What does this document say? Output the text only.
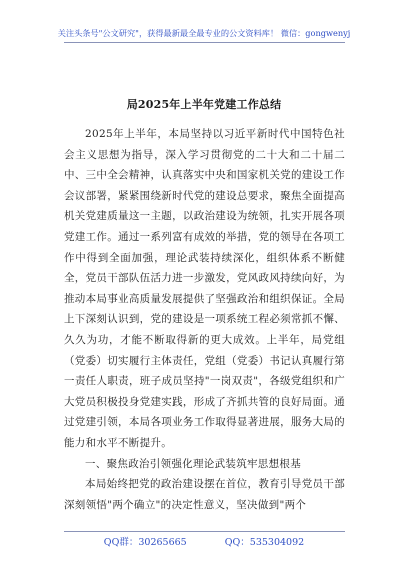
关注头条号"公文研究"，获得最新最全最专业的公文资料库！ 微信：gongwenyj
局2025年上半年党建工作总结

2025年上半年，本局坚持以习近平新时代中国特色社会主义思想为指导，深入学习贯彻党的二十大和二十届二中、三中全会精神，认真落实中央和国家机关党的建设工作会议部署，紧紧围绕新时代党的建设总要求，聚焦全面提高机关党建质量这一主题，以政治建设为统领，扎实开展各项党建工作。通过一系列富有成效的举措，党的领导在各项工作中得到全面加强，理论武装持续深化，组织体系不断健全，党员干部队伍活力进一步激发，党风政风持续向好，为推动本局事业高质量发展提供了坚强政治和组织保证。全局上下深刻认识到，党的建设是一项系统工程必须常抓不懈、久久为功，才能不断取得新的更大成效。上半年，局党组（党委）切实履行主体责任，党组（党委）书记认真履行第一责任人职责，班子成员坚持"一岗双责"，各级党组织和广大党员积极投身党建实践，形成了齐抓共管的良好局面。通过党建引领，本局各项业务工作取得显著进展，服务大局的能力和水平不断提升。

一、聚焦政治引领强化理论武装筑牢思想根基

本局始终把党的政治建设摆在首位，教育引导党员干部深刻领悟"两个确立"的决定性意义，坚决做到"两个

QQ群：30265665	QQ：535304092
